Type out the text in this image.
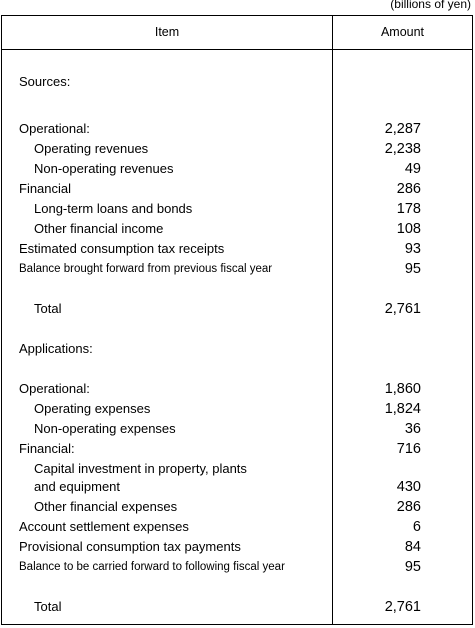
(billions of yen)
Item	Amount
Sources:
Operational:	2,287
Operating revenues	2,238
Non-operating revenues	49
Financial	286
Long-term loans and bonds	178
Other financial income	108
Estimated consumption tax receipts	93
Balance brought forward from previous fiscal year	95
Total	2,761
Applications:
Operational:	1,860
Operating expenses	1,824
Non-operating expenses	36
Financial:	716
Capital investment in property, plants
and equipment	430
Other financial expenses	286
Account settlement expenses	6
Provisional consumption tax payments	84
Balance to be carried forward to following fiscal year	95
Total	2,761
